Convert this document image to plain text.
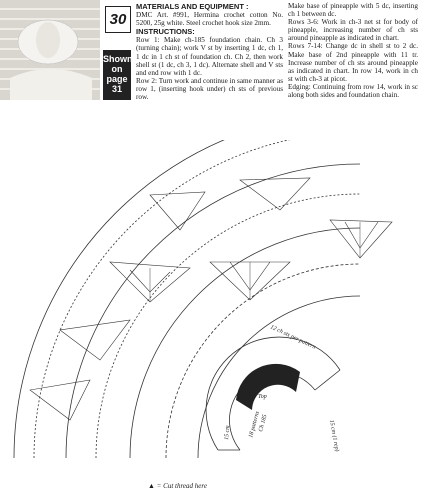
30
Shown
on
page
31

MATERIALS AND EQUIPMENT :

DMC Art. #991, Hermina crochet cotton No. 5200, 25g white. Steel crochet hook size 2mm.

INSTRUCTIONS:

Row 1: Make ch-185 foundation chain. Ch 3 (turning chain); work V st by inserting 1 dc, ch 1, 1 dc in 1 ch st of foundation ch. Ch 2, then work shell st (1 dc, ch 3, 1 dc). Alternate shell and V sts and end row with 1 dc.

Row 2: Turn work and continue in same manner as row 1, (inserting hook under) ch sts of previous row.

Make base of pineapple with 5 dc, inserting ch 1 between dc.

Rows 3-6: Work in ch-3 net st for body of pineapple, increasing number of ch sts around pineapple as indicated in chart.

Rows 7-14: Change dc in shell st to 2 dc. Make base of 2nd pineapple with 11 tr. Increase number of ch sts around pineapple as indicated in chart. In row 14, work in ch st with ch-3 at picot.

Edging: Continuing from row 14, work in sc along both sides and foundation chain.

12 ch sts per pattern
18 patterns
Ch 185
15 cm	15 cm (1 rep)
Top
▲ = Cut thread here
